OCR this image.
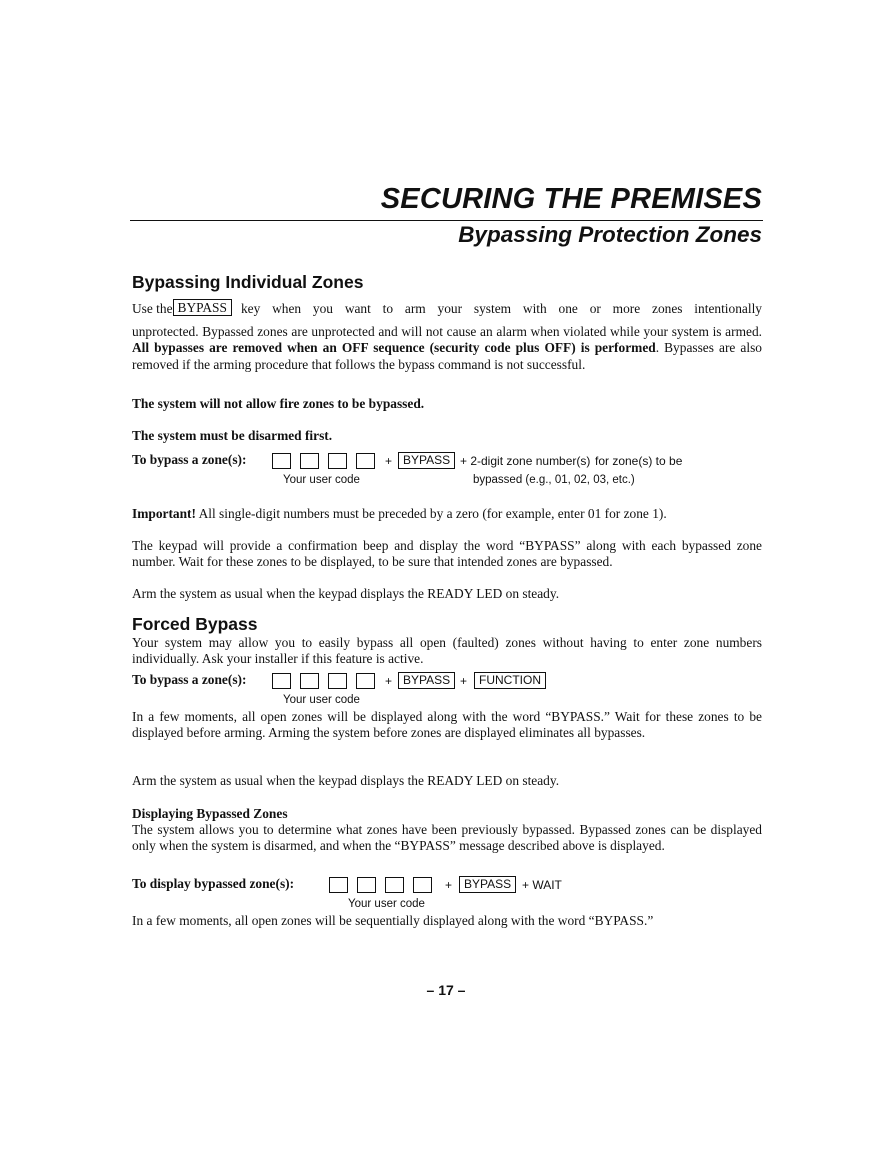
SECURING THE PREMISES
Bypassing Protection Zones
Bypassing Individual Zones
Use the BYPASS	key when you want to arm your system with one or more zones intentionally
unprotected. Bypassed zones are unprotected and will not cause an alarm when violated while your system is armed. All bypasses are removed when an OFF sequence (security code plus OFF) is performed. Bypasses are also removed if the arming procedure that follows the bypass command is not successful.
The system will not allow fire zones to be bypassed.
The system must be disarmed first.
To bypass a zone(s):	+ BYPASS + 2-digit zone number(s) for zone(s) to be
Your user code	bypassed (e.g., 01, 02, 03, etc.)
Important! All single-digit numbers must be preceded by a zero (for example, enter 01 for zone 1).
The keypad will provide a confirmation beep and display the word “BYPASS” along with each bypassed zone number. Wait for these zones to be displayed, to be sure that intended zones are bypassed.
Arm the system as usual when the keypad displays the READY LED on steady.
Forced Bypass
Your system may allow you to easily bypass all open (faulted) zones without having to enter zone numbers individually. Ask your installer if this feature is active.
To bypass a zone(s):	+ BYPASS + FUNCTION
Your user code
In a few moments, all open zones will be displayed along with the word “BYPASS.” Wait for these zones to be displayed before arming. Arming the system before zones are displayed eliminates all bypasses.
Arm the system as usual when the keypad displays the READY LED on steady.
Displaying Bypassed Zones
The system allows you to determine what zones have been previously bypassed. Bypassed zones can be displayed only when the system is disarmed, and when the “BYPASS” message described above is displayed.
To display bypassed zone(s):	+ BYPASS + WAIT
Your user code
In a few moments, all open zones will be sequentially displayed along with the word “BYPASS.”
– 17 –
